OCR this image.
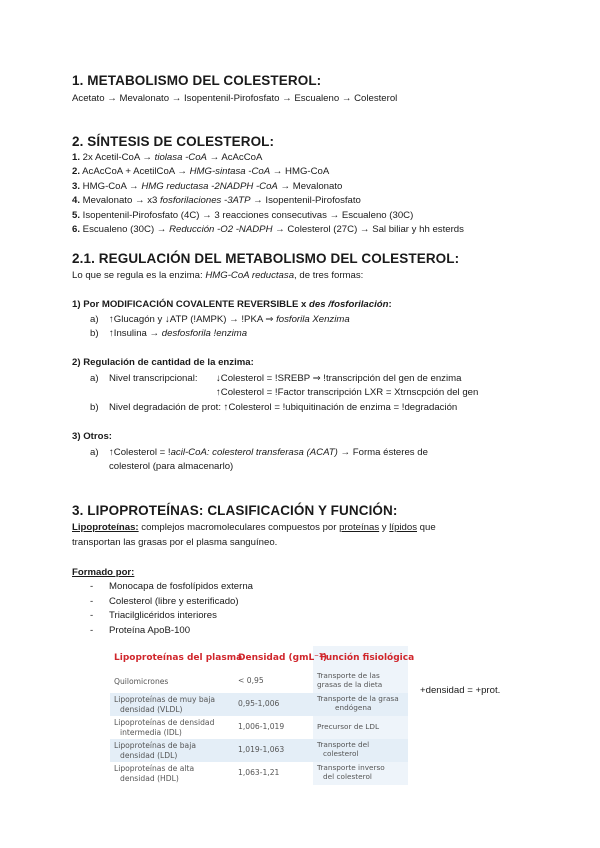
1. METABOLISMO DEL COLESTEROL:
Acetato → Mevalonato → Isopentenil-Pirofosfato → Escualeno → Colesterol
2. SÍNTESIS DE COLESTEROL:
1. 2x Acetil-CoA → tiolasa -CoA → AcAcCoA
2. AcAcCoA + AcetilCoA → HMG-sintasa -CoA → HMG-CoA
3. HMG-CoA → HMG reductasa -2NADPH -CoA → Mevalonato
4. Mevalonato → x3 fosforilaciones -3ATP → Isopentenil-Pirofosfato
5. Isopentenil-Pirofosfato (4C) → 3 reacciones consecutivas → Escualeno (30C)
6. Escualeno (30C) → Reducción -O2 -NADPH → Colesterol (27C) → Sal biliar y hh esterds
2.1. REGULACIÓN DEL METABOLISMO DEL COLESTEROL:
Lo que se regula es la enzima: HMG-CoA reductasa, de tres formas:
1) Por MODIFICACIÓN COVALENTE REVERSIBLE x des /fosforilación:
a) ↑Glucagón y ↓ATP (!AMPK) → !PKA ⇒ fosforila Xenzima
b) ↑Insulina → desfosforila !enzima
2) Regulación de cantidad de la enzima:
a) Nivel transcripcional: ↓Colesterol = !SREBP ⇒ !transcripción del gen de enzima
↑Colesterol = !Factor transcripción LXR = Xtrnscpción del gen
b) Nivel degradación de prot: ↑Colesterol = !ubiquitinación de enzima = !degradación
3) Otros:
a) ↑Colesterol = !acil-CoA: colesterol transferasa (ACAT) → Forma ésteres de
colesterol (para almacenarlo)
3. LIPOPROTEÍNAS: CLASIFICACIÓN Y FUNCIÓN:
Lipoproteínas: complejos macromoleculares compuestos por proteínas y lípidos que
transportan las grasas por el plasma sanguíneo.
Formado por:
- Monocapa de fosfolípidos externa
- Colesterol (libre y esterificado)
- Triacilglicéridos interiores
- Proteína ApoB-100
Lipoproteínas del plasma
Densidad (gmL⁻¹)
Función fisiológica
Quilomicrones	< 0,95
Transporte de las
grasas de la dieta
Lipoproteínas de muy baja
densidad (VLDL)
0,95-1,006
Transporte de la grasa
endógena
Lipoproteínas de densidad
intermedia (IDL)
1,006-1,019	Precursor de LDL
Lipoproteínas de baja
densidad (LDL)
1,019-1,063
Transporte del
colesterol
Lipoproteínas de alta
densidad (HDL)
1,063-1,21
Transporte inverso
del colesterol
+densidad = +prot.
